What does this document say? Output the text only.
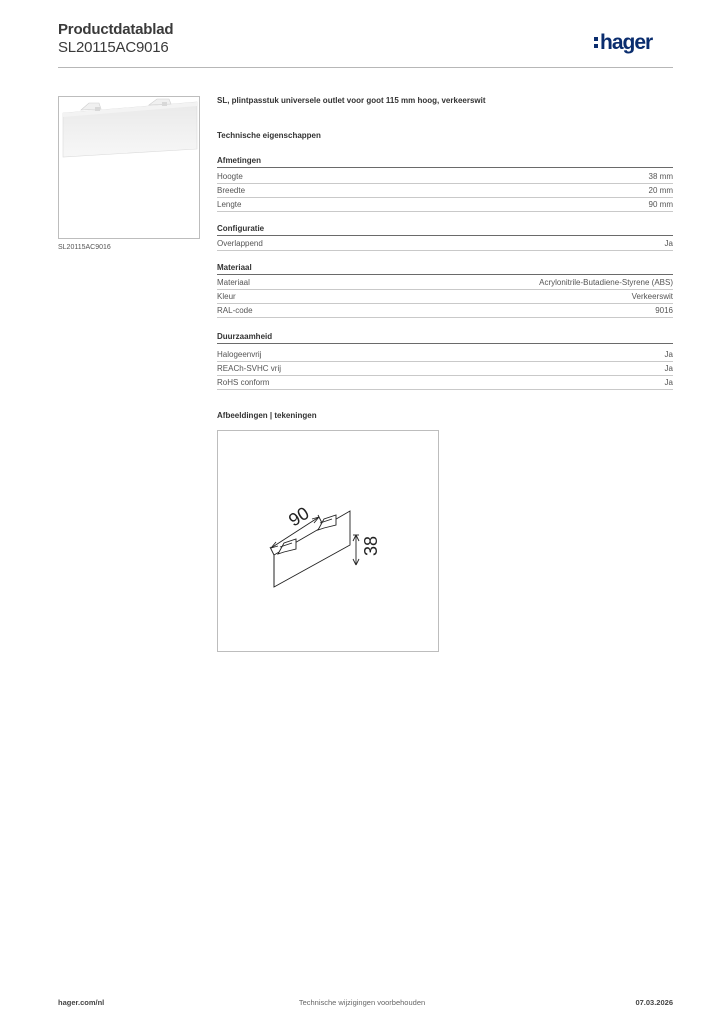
Productdatablad
SL20115AC9016	hager
SL20115AC9016
SL, plintpasstuk universele outlet voor goot 115 mm hoog, verkeerswit
Technische eigenschappen
Afmetingen
Hoogte	38 mm
Breedte	20 mm
Lengte	90 mm
Configuratie
Overlappend	Ja
Materiaal
Materiaal	Acrylonitrile-Butadiene-Styrene (ABS)
Kleur	Verkeerswit
RAL-code	9016
Duurzaamheid
Halogeenvrij	Ja
REACh-SVHC vrij	Ja
RoHS conform	Ja
Afbeeldingen | tekeningen
90
38
hager.com/nl	Technische wijzigingen voorbehouden	07.03.2026
